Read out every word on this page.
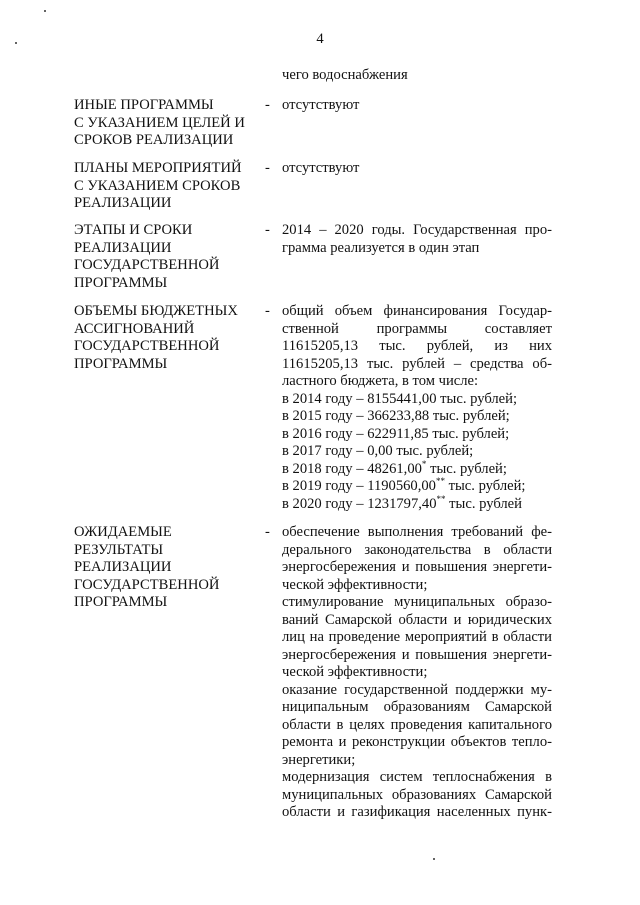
4
чего водоснабжения
ИНЫЕ ПРОГРАММЫ
С УКАЗАНИЕМ ЦЕЛЕЙ И
СРОКОВ РЕАЛИЗАЦИИ
- отсутствуют
ПЛАНЫ МЕРОПРИЯТИЙ
С УКАЗАНИЕМ СРОКОВ
РЕАЛИЗАЦИИ
- отсутствуют
ЭТАПЫ И СРОКИ
РЕАЛИЗАЦИИ
ГОСУДАРСТВЕННОЙ
ПРОГРАММЫ
- 2014 – 2020 годы. Государственная про-
грамма реализуется в один этап
ОБЪЕМЫ БЮДЖЕТНЫХ
АССИГНОВАНИЙ
ГОСУДАРСТВЕННОЙ
ПРОГРАММЫ
- общий объем финансирования Государ-
ственной программы составляет
11615205,13 тыс. рублей, из них
11615205,13 тыс. рублей – средства об-
ластного бюджета, в том числе:
в 2014 году – 8155441,00 тыс. рублей;
в 2015 году – 366233,88 тыс. рублей;
в 2016 году – 622911,85 тыс. рублей;
в 2017 году – 0,00 тыс. рублей;
в 2018 году – 48261,00* тыс. рублей;
в 2019 году – 1190560,00** тыс. рублей;
в 2020 году – 1231797,40** тыс. рублей
ОЖИДАЕМЫЕ
РЕЗУЛЬТАТЫ
РЕАЛИЗАЦИИ
ГОСУДАРСТВЕННОЙ
ПРОГРАММЫ
- обеспечение выполнения требований фе-
дерального законодательства в области
энергосбережения и повышения энергети-
ческой эффективности;
стимулирование муниципальных образо-
ваний Самарской области и юридических
лиц на проведение мероприятий в области
энергосбережения и повышения энергети-
ческой эффективности;
оказание государственной поддержки му-
ниципальным образованиям Самарской
области в целях проведения капитального
ремонта и реконструкции объектов тепло-
энергетики;
модернизация систем теплоснабжения в
муниципальных образованиях Самарской
области и газификация населенных пунк-
